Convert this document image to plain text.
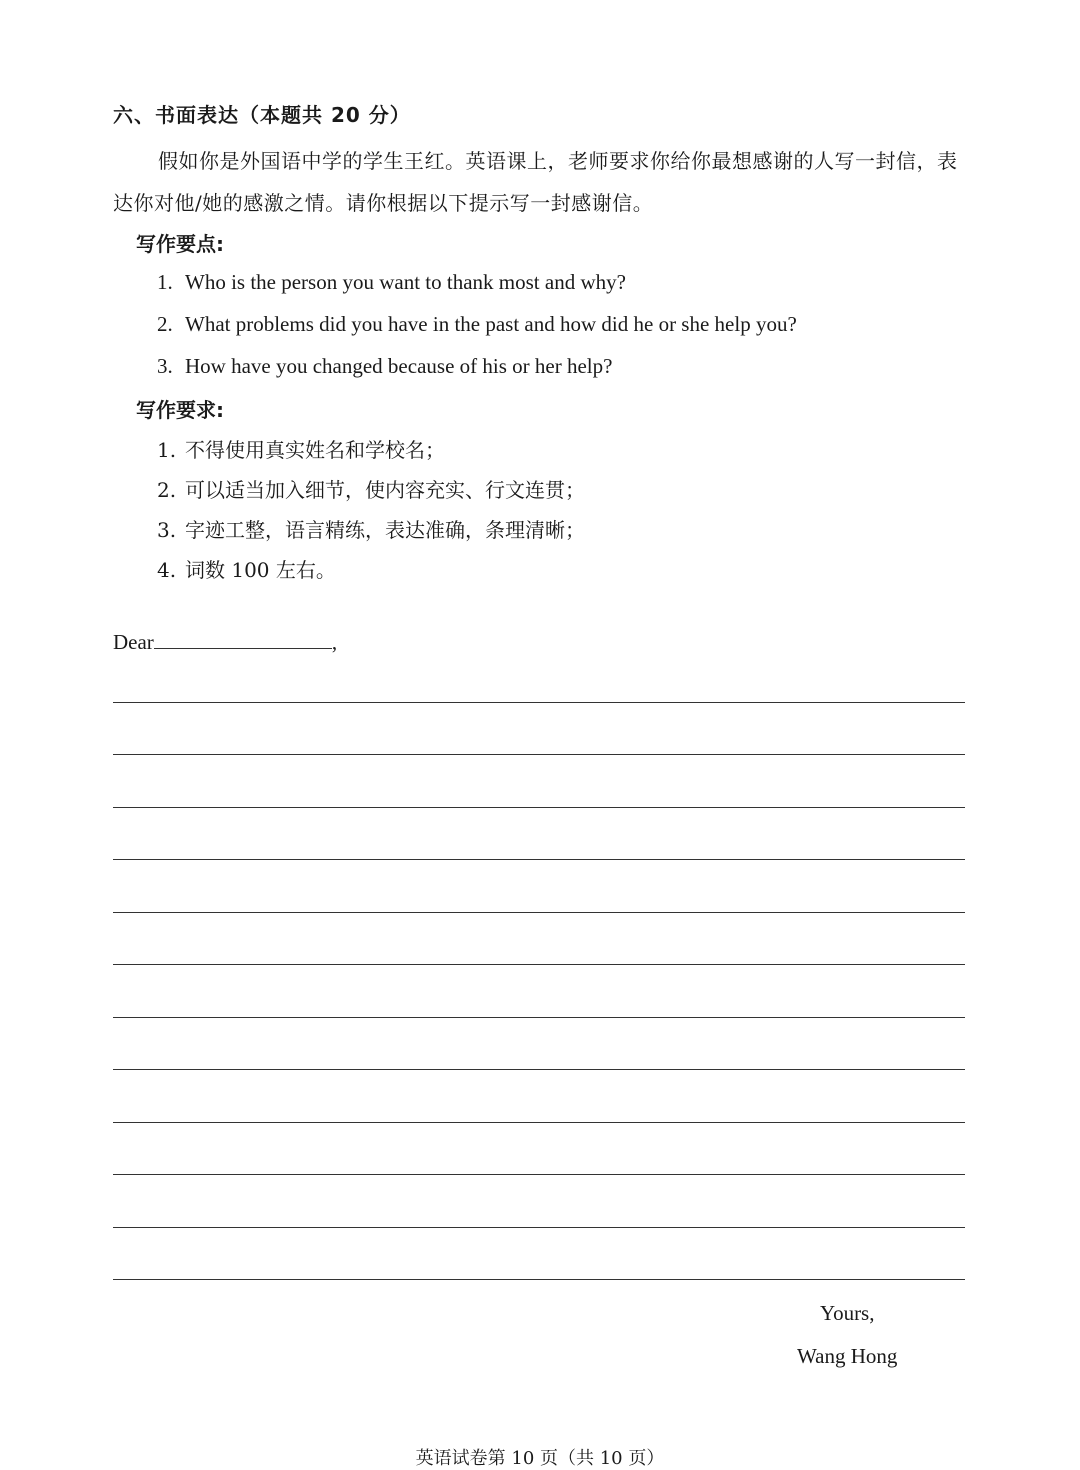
六、书面表达（本题共 20 分）
假如你是外国语中学的学生王红。英语课上，老师要求你给你最想感谢的人写一封信，表达你对他/她的感激之情。请你根据以下提示写一封感谢信。
写作要点:
1. Who is the person you want to thank most and why?
2. What problems did you have in the past and how did he or she help you?
3. How have you changed because of his or her help?
写作要求:
1. 不得使用真实姓名和学校名；
2. 可以适当加入细节，使内容充实、行文连贯；
3. 字迹工整，语言精练，表达准确，条理清晰；
4. 词数 100 左右。
Dear	,
Yours,
Wang Hong
英语试卷第 10 页（共 10 页）
